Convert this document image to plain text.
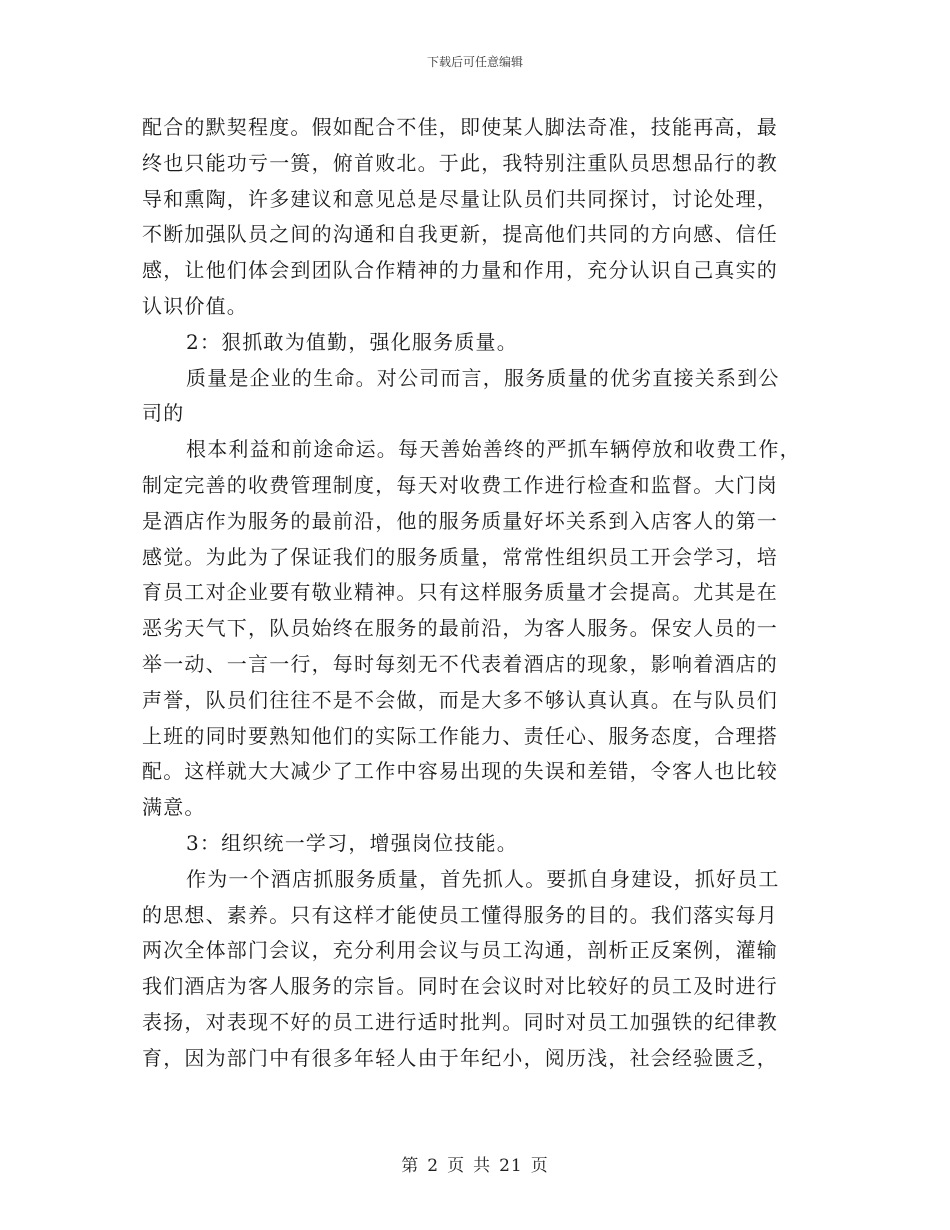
下载后可任意编辑
配合的默契程度。假如配合不佳，即使某人脚法奇准，技能再高，最
终也只能功亏一篑，俯首败北。于此，我特别注重队员思想品行的教
导和熏陶，许多建议和意见总是尽量让队员们共同探讨，讨论处理，
不断加强队员之间的沟通和自我更新，提高他们共同的方向感、信任
感，让他们体会到团队合作精神的力量和作用，充分认识自己真实的
认识价值。
2：狠抓敢为值勤，强化服务质量。
质量是企业的生命。对公司而言，服务质量的优劣直接关系到公
司的
根本利益和前途命运。每天善始善终的严抓车辆停放和收费工作，
制定完善的收费管理制度，每天对收费工作进行检查和监督。大门岗
是酒店作为服务的最前沿，他的服务质量好坏关系到入店客人的第一
感觉。为此为了保证我们的服务质量，常常性组织员工开会学习，培
育员工对企业要有敬业精神。只有这样服务质量才会提高。尤其是在
恶劣天气下，队员始终在服务的最前沿，为客人服务。保安人员的一
举一动、一言一行，每时每刻无不代表着酒店的现象，影响着酒店的
声誉，队员们往往不是不会做，而是大多不够认真认真。在与队员们
上班的同时要熟知他们的实际工作能力、责任心、服务态度，合理搭
配。这样就大大减少了工作中容易出现的失误和差错，令客人也比较
满意。
3：组织统一学习，增强岗位技能。
作为一个酒店抓服务质量，首先抓人。要抓自身建设，抓好员工
的思想、素养。只有这样才能使员工懂得服务的目的。我们落实每月
两次全体部门会议，充分利用会议与员工沟通，剖析正反案例，灌输
我们酒店为客人服务的宗旨。同时在会议时对比较好的员工及时进行
表扬，对表现不好的员工进行适时批判。同时对员工加强铁的纪律教
育，因为部门中有很多年轻人由于年纪小，阅历浅，社会经验匮乏，
第 2 页 共 21 页
